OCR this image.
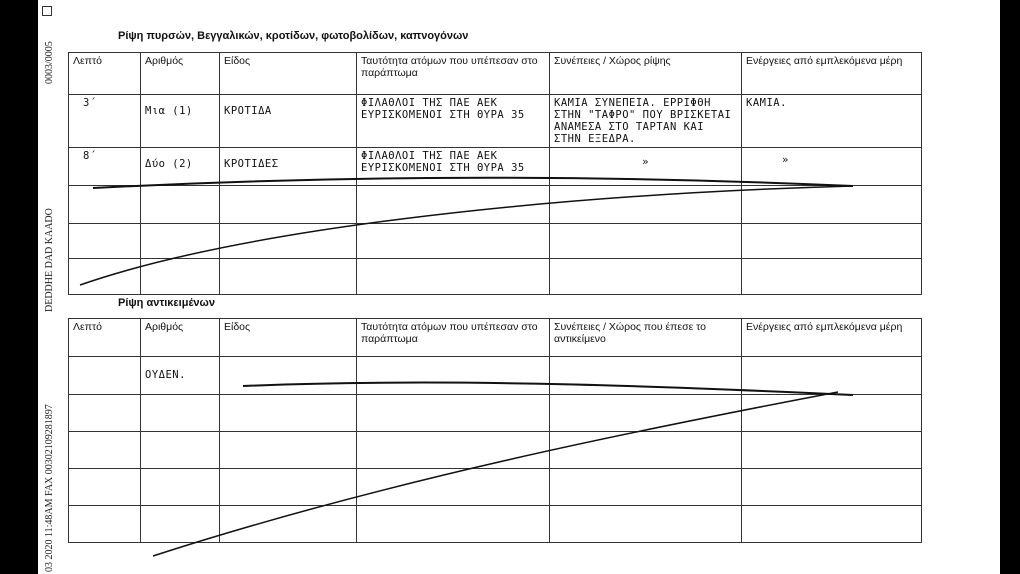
0003/0005
DEDDHE DAD KAADO
03 2020 11:48AM FAX 00302109281897
Ρίψη πυρσών, Βεγγαλικών, κροτίδων, φωτοβολίδων, καπνογόνων
Λεπτό	Αριθμός	Είδος	Ταυτότητα ατόμων που υπέπεσαν στο παράπτωμα	Συνέπειες / Χώρος ρίψης	Ενέργειες από εμπλεκόμενα μέρη
3΄	Μια (1)	ΚΡΟΤΙΔΑ	ΦΙΛΑΘΛΟΙ ΤΗΣ ΠΑΕ ΑΕΚ ΕΥΡΙΣΚΟΜΕΝΟΙ ΣΤΗ ΘΥΡΑ 35	ΚΑΜΙΑ ΣΥΝΕΠΕΙΑ. ΕΡΡΙΦΘΗ ΣΤΗΝ "ΤΑΦΡΟ" ΠΟΥ ΒΡΙΣΚΕΤΑΙ ΑΝΑΜΕΣΑ ΣΤΟ ΤΑΡΤΑΝ ΚΑΙ ΣΤΗΝ ΕΞΕΔΡΑ.	ΚΑΜΙΑ.
8΄	Δύο (2)	ΚΡΟΤΙΔΕΣ	ΦΙΛΑΘΛΟΙ ΤΗΣ ΠΑΕ ΑΕΚ ΕΥΡΙΣΚΟΜΕΝΟΙ ΣΤΗ ΘΥΡΑ 35	»	»

Ρίψη αντικειμένων
Λεπτό	Αριθμός	Είδος	Ταυτότητα ατόμων που υπέπεσαν στο παράπτωμα	Συνέπειες / Χώρος που έπεσε το αντικείμενο	Ενέργειες από εμπλεκόμενα μέρη
	ΟΥΔΕΝ.				
